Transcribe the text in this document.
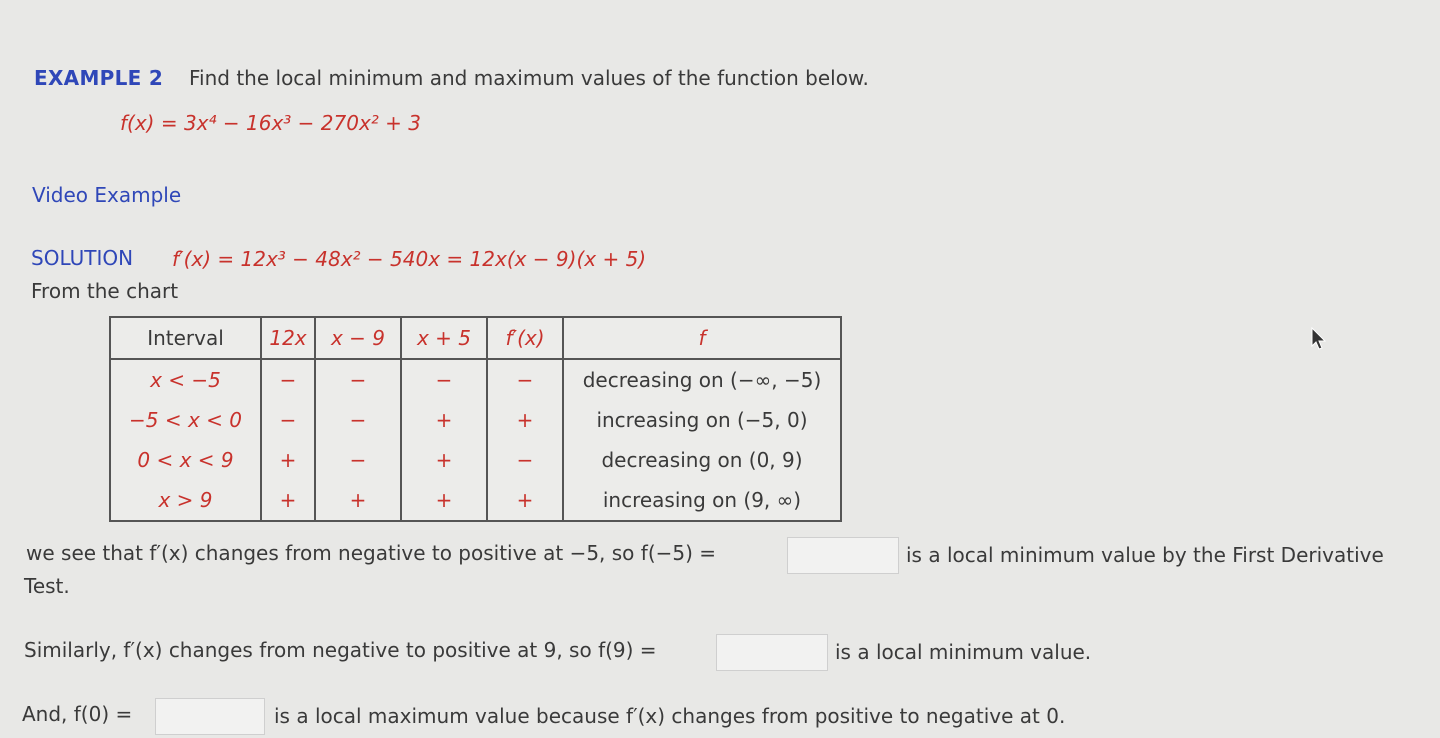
EXAMPLE 2 Find the local minimum and maximum values of the function below.
f(x) = 3x⁴ − 16x³ − 270x² + 3
Video Example
SOLUTION f′(x) = 12x³ − 48x² − 540x = 12x(x − 9)(x + 5)
From the chart
Interval	12x	x − 9	x + 5	f′(x)	f
x < −5	−	−	−	−	decreasing on (−∞, −5)
−5 < x < 0	−	−	+	+	increasing on (−5, 0)
0 < x < 9	+	−	+	−	decreasing on (0, 9)
x > 9	+	+	+	+	increasing on (9, ∞)
we see that f′(x) changes from negative to positive at −5, so f(−5) =	is a local minimum value by the First Derivative
Test.
Similarly, f′(x) changes from negative to positive at 9, so f(9) =	is a local minimum value.
And, f(0) =	is a local maximum value because f′(x) changes from positive to negative at 0.
